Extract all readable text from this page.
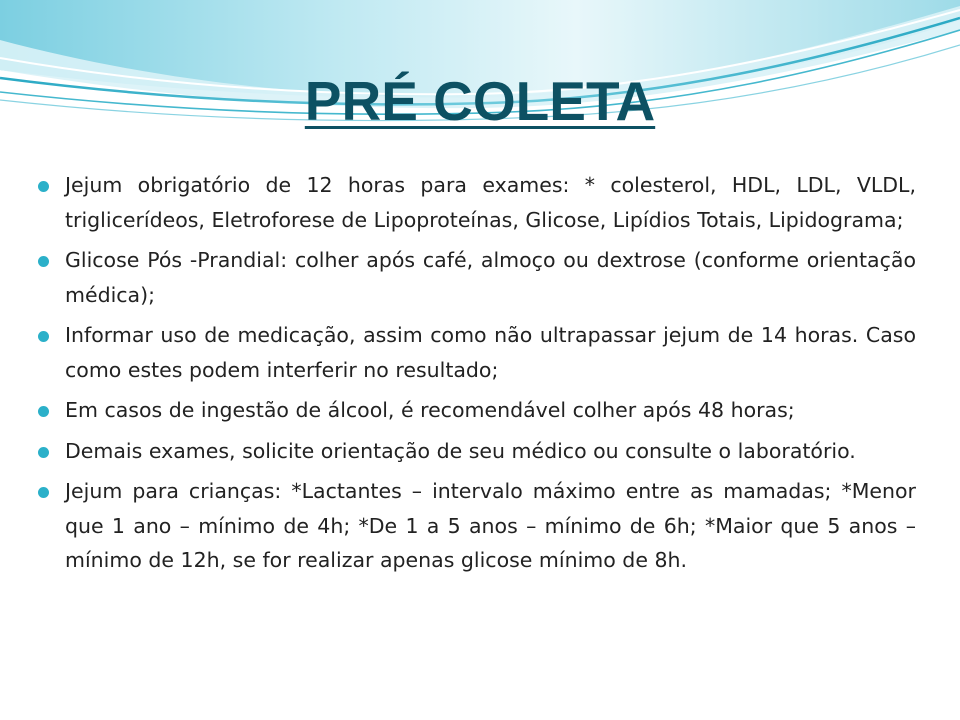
PRÉ COLETA
Jejum obrigatório de 12 horas para exames: * colesterol, HDL, LDL, VLDL, triglicerídeos, Eletroforese de Lipoproteínas, Glicose, Lipídios Totais, Lipidograma;
Glicose Pós -Prandial: colher após café, almoço ou dextrose (conforme orientação médica);
Informar uso de medicação, assim como não ultrapassar jejum de 14 horas. Caso como estes podem interferir no resultado;
Em casos de ingestão de álcool, é recomendável colher após 48 horas;
Demais exames, solicite orientação de seu médico ou consulte o laboratório.
Jejum para crianças: *Lactantes – intervalo máximo entre as mamadas; *Menor que 1 ano – mínimo de 4h; *De 1 a 5 anos – mínimo de 6h; *Maior que 5 anos – mínimo de 12h, se for realizar apenas glicose mínimo de 8h.
